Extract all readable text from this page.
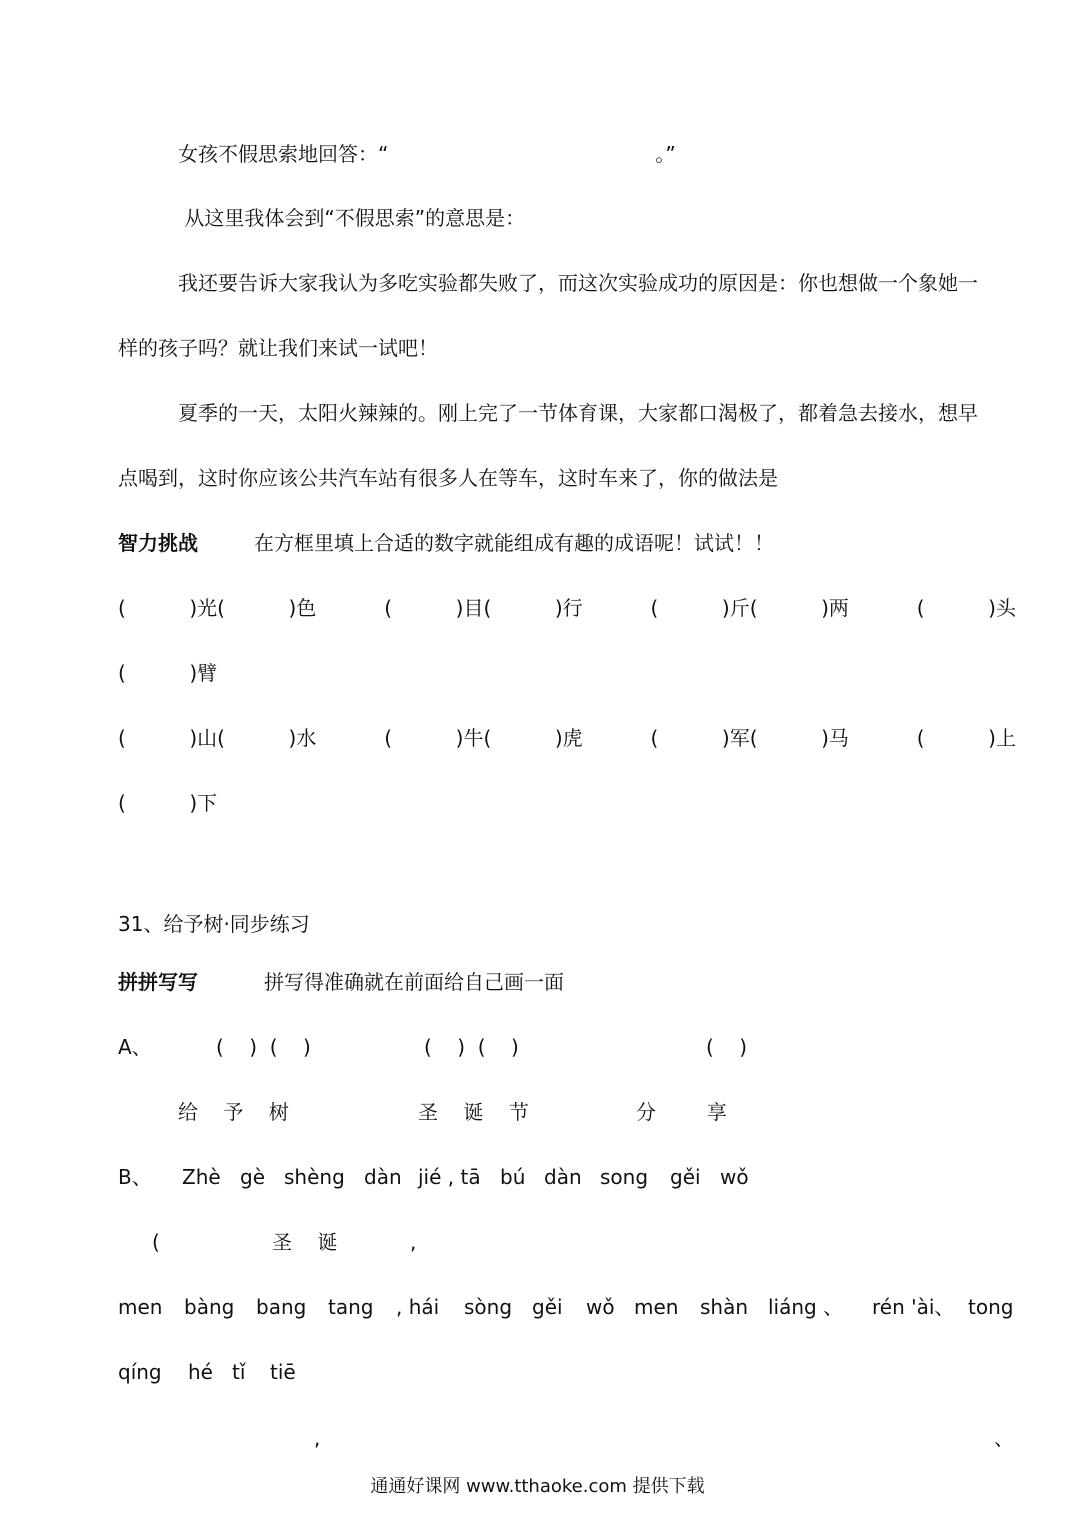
女孩不假思索地回答：“                                          。”
从这里我体会到“不假思索”的意思是：
我还要告诉大家我认为多吃实验都失败了，而这次实验成功的原因是：你也想做一个象她一
样的孩子吗？就让我们来试一试吧！
夏季的一天，太阳火辣辣的。刚上完了一节体育课，大家都口渴极了，都着急去接水，想早
点喝到，这时你应该公共汽车站有很多人在等车，这时车来了，你的做法是
智力挑战	在方框里填上合适的数字就能组成有趣的成语呢！试试！！
(          )光(          )色	(          )目(          )行	(          )斤(          )两	(          )头
(          )臂
(          )山(          )水	(          )牛(          )虎	(          )军(          )马	(          )上
(          )下
31、给予树·同步练习
拼拼写写	拼写得准确就在前面给自己画一面
A、	(    )  (    )	(    )  (    )	(    )
给    予    树	圣    诞    节	分        享
B、 Zhè gè shèng dàn jié , tā bú dàn song gěi wǒ
(	圣    诞	,
men bàng bang tang , hái sòng gěi wǒ men shàn liáng 、 rén 'ài、 tong
qíng hé tǐ tiē
,	、
通通好课网 www.tthaoke.com 提供下载
